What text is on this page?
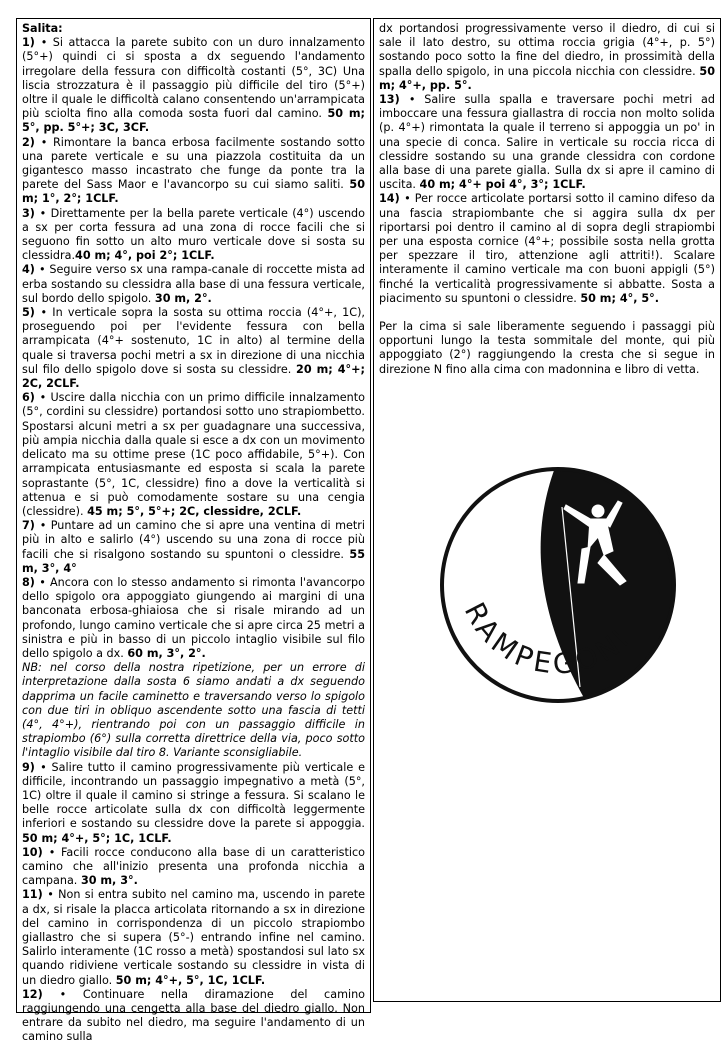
Salita:

1) • Si attacca la parete subito con un duro innalzamento (5°+) quindi ci si sposta a dx seguendo l'andamento irregolare della fessura con difficoltà costanti (5°, 3C) Una liscia strozzatura è il passaggio più difficile del tiro (5°+) oltre il quale le difficoltà calano consentendo un'arrampicata più sciolta fino alla comoda sosta fuori dal camino. 50 m; 5°, pp. 5°+; 3C, 3CF.

2) • Rimontare la banca erbosa facilmente sostando sotto una parete verticale e su una piazzola costituita da un gigantesco masso incastrato che funge da ponte tra la parete del Sass Maor e l'avancorpo su cui siamo saliti. 50 m; 1°, 2°; 1CLF.

3) • Direttamente per la bella parete verticale (4°) uscendo a sx per corta fessura ad una zona di rocce facili che si seguono fin sotto un alto muro verticale dove si sosta su clessidra.40 m; 4°, poi 2°; 1CLF.

4) • Seguire verso sx una rampa-canale di roccette mista ad erba sostando su clessidra alla base di una fessura verticale, sul bordo dello spigolo. 30 m, 2°.

5) • In verticale sopra la sosta su ottima roccia (4°+, 1C), proseguendo poi per l'evidente fessura con bella arrampicata (4°+ sostenuto, 1C in alto) al termine della quale si traversa pochi metri a sx in direzione di una nicchia sul filo dello spigolo dove si sosta su clessidre. 20 m; 4°+; 2C, 2CLF.

6) • Uscire dalla nicchia con un primo difficile innalzamento (5°, cordini su clessidre) portandosi sotto uno strapiombetto. Spostarsi alcuni metri a sx per guadagnare una successiva, più ampia nicchia dalla quale si esce a dx con un movimento delicato ma su ottime prese (1C poco affidabile, 5°+). Con arrampicata entusiasmante ed esposta si scala la parete soprastante (5°, 1C, clessidre) fino a dove la verticalità si attenua e si può comodamente sostare su una cengia (clessidre). 45 m; 5°, 5°+; 2C, clessidre, 2CLF.

7) • Puntare ad un camino che si apre una ventina di metri più in alto e salirlo (4°) uscendo su una zona di rocce più facili che si risalgono sostando su spuntoni o clessidre. 55 m, 3°, 4°

8) • Ancora con lo stesso andamento si rimonta l'avancorpo dello spigolo ora appoggiato giungendo ai margini di una banconata erbosa-ghiaiosa che si risale mirando ad un profondo, lungo camino verticale che si apre circa 25 metri a sinistra e più in basso di un piccolo intaglio visibile sul filo dello spigolo a dx. 60 m, 3°, 2°.

NB: nel corso della nostra ripetizione, per un errore di interpretazione dalla sosta 6 siamo andati a dx seguendo dapprima un facile caminetto e traversando verso lo spigolo con due tiri in obliquo ascendente sotto una fascia di tetti (4°, 4°+), rientrando poi con un passaggio difficile in strapiombo (6°) sulla corretta direttrice della via, poco sotto l'intaglio visibile dal tiro 8. Variante sconsigliabile.

9) • Salire tutto il camino progressivamente più verticale e difficile, incontrando un passaggio impegnativo a metà (5°, 1C) oltre il quale il camino si stringe a fessura. Si scalano le belle rocce articolate sulla dx con difficoltà leggermente inferiori e sostando su clessidre dove la parete si appoggia. 50 m; 4°+, 5°; 1C, 1CLF.

10) • Facili rocce conducono alla base di un caratteristico camino che all'inizio presenta una profonda nicchia a campana. 30 m, 3°.

11) • Non si entra subito nel camino ma, uscendo in parete a dx, si risale la placca articolata ritornando a sx in direzione del camino in corrispondenza di un piccolo strapiombo giallastro che si supera (5°-) entrando infine nel camino. Salirlo interamente (1C rosso a metà) spostandosi sul lato sx quando ridiviene verticale sostando su clessidre in vista di un diedro giallo. 50 m; 4°+, 5°, 1C, 1CLF.

12) • Continuare nella diramazione del camino raggiungendo una cengetta alla base del diedro giallo. Non entrare da subito nel diedro, ma seguire l'andamento di un camino sulla

dx portandosi progressivamente verso il diedro, di cui si sale il lato destro, su ottima roccia grigia (4°+, p. 5°) sostando poco sotto la fine del diedro, in prossimità della spalla dello spigolo, in una piccola nicchia con clessidre. 50 m; 4°+, pp. 5°.

13) • Salire sulla spalla e traversare pochi metri ad imboccare una fessura giallastra di roccia non molto solida (p. 4°+) rimontata la quale il terreno si appoggia un po' in una specie di conca. Salire in verticale su roccia ricca di clessidre sostando su una grande clessidra con cordone alla base di una parete gialla. Sulla dx si apre il camino di uscita. 40 m; 4°+ poi 4°, 3°; 1CLF.

14) • Per rocce articolate portarsi sotto il camino difeso da una fascia strapiombante che si aggira sulla dx per riportarsi poi dentro il camino al di sopra degli strapiombi per una esposta cornice (4°+; possibile sosta nella grotta per spezzare il tiro, attenzione agli attriti!). Scalare interamente il camino verticale ma con buoni appigli (5°) finché la verticalità progressivamente si abbatte. Sosta a piacimento su spuntoni o clessidre. 50 m; 4°, 5°.

Per la cima si sale liberamente seguendo i passaggi più opportuni lungo la testa sommitale del monte, qui più appoggiato (2°) raggiungendo la cresta che si segue in direzione N fino alla cima con madonnina e libro di vetta.

RAMPEGONI
